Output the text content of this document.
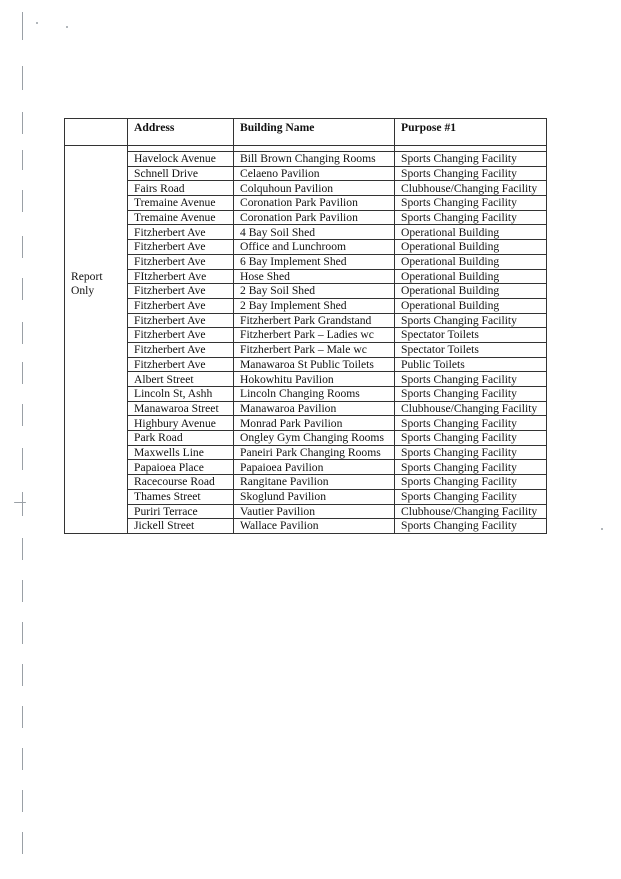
	Address	Building Name	Purpose #1

	Havelock Avenue	Bill Brown Changing Rooms	Sports Changing Facility
	Schnell Drive	Celaeno Pavilion	Sports Changing Facility
	Fairs Road	Colquhoun Pavilion	Clubhouse/Changing Facility
	Tremaine Avenue	Coronation Park Pavilion	Sports Changing Facility
	Tremaine Avenue	Coronation Park Pavilion	Sports Changing Facility
	Fitzherbert Ave	4 Bay Soil Shed	Operational Building
	Fitzherbert Ave	Office and Lunchroom	Operational Building
	Fitzherbert Ave	6 Bay Implement Shed	Operational Building
Report	FItzherbert Ave	Hose Shed	Operational Building
Only	Fitzherbert Ave	2 Bay Soil Shed	Operational Building
	Fitzherbert Ave	2 Bay Implement Shed	Operational Building
	Fitzherbert Ave	Fitzherbert Park Grandstand	Sports Changing Facility
	Fitzherbert Ave	Fitzherbert Park – Ladies wc	Spectator Toilets
	Fitzherbert Ave	Fitzherbert Park – Male wc	Spectator Toilets
	Fitzherbert Ave	Manawaroa St Public Toilets	Public Toilets
	Albert Street	Hokowhitu Pavilion	Sports Changing Facility
	Lincoln St, Ashh	Lincoln Changing Rooms	Sports Changing Facility
	Manawaroa Street	Manawaroa Pavilion	Clubhouse/Changing Facility
	Highbury Avenue	Monrad Park Pavilion	Sports Changing Facility
	Park Road	Ongley Gym Changing Rooms	Sports Changing Facility
	Maxwells Line	Paneiri Park Changing Rooms	Sports Changing Facility
	Papaioea Place	Papaioea Pavilion	Sports Changing Facility
	Racecourse Road	Rangitane Pavilion	Sports Changing Facility
	Thames Street	Skoglund Pavilion	Sports Changing Facility
	Puriri Terrace	Vautier Pavilion	Clubhouse/Changing Facility
	Jickell Street	Wallace Pavilion	Sports Changing Facility
